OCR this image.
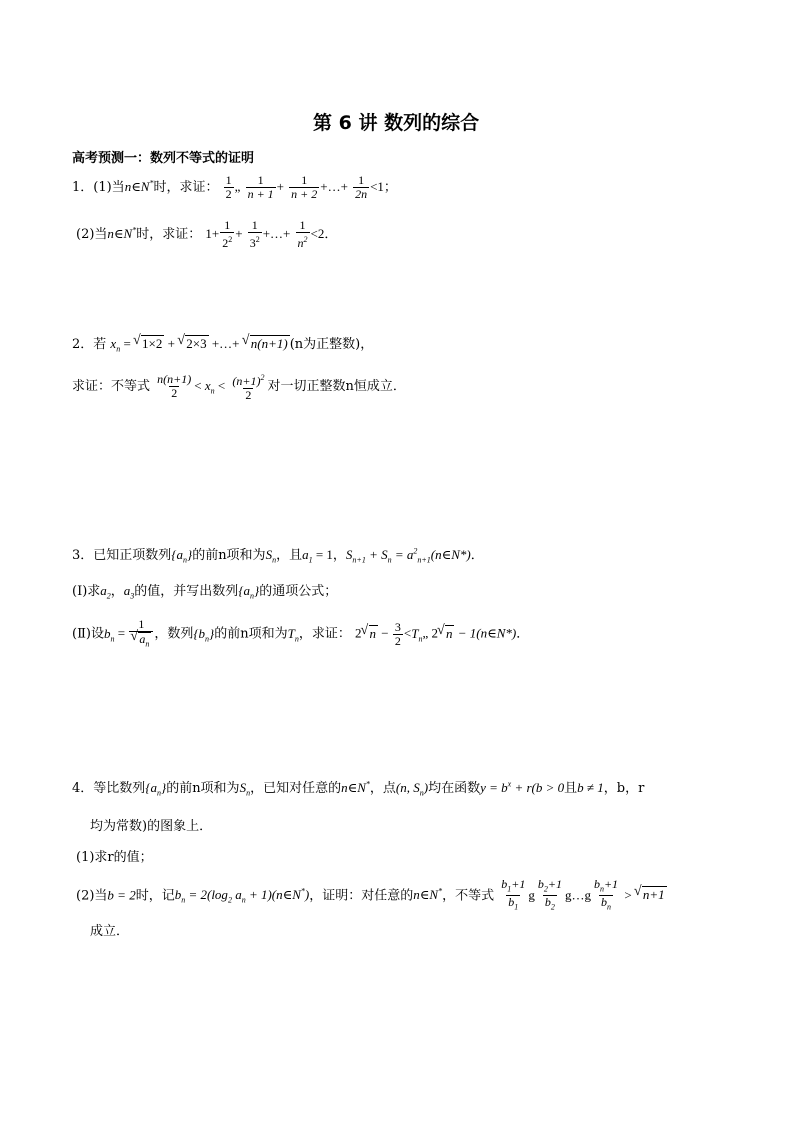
第 6 讲 数列的综合
高考预测一：数列不等式的证明
1．(1)当n∈N*时，求证： $\frac{1}{2}$ „ $\frac{1}{n + 1} + \frac{1}{n + 2}$ +…+ $\frac{1}{2n} <1$；
(2)当n∈N*时，求证： $1+ \frac{1}{2^2} + \frac{1}{3^2}$ +…+ $\frac{1}{n^2} <2$．
2．若 $x_n$ = √ 1×2 + √ 2×3 +…+ √ n(n+1) (n为正整数)，
求证：不等式 $\frac{n(n+1)}{2} < x_n < \frac{(n+1)^2}{2}$ 对一切正整数n恒成立．
3．已知正项数列$\{a_n\}$的前n项和为$S_n$，且$a_1 = 1$，$S_{n+1} + S_n$ = $a^2_{n+1}(n\in N*)$．
(Ⅰ)求$a_2$，$a_3$的值，并写出数列$\{a_n\}$的通项公式；
(Ⅱ)设$b_n = 1$
√ $a_n$ ，数列$\{b_n\}$的前n项和为$T_n$，求证： 2 √ $n - \frac{3}{2}$ $<T_n„$ 2 √ n − 1(n∈N*)．
4．等比数列$\{a_n\}$的前n项和为$S_n$，已知对任意的n∈N*，点(n, $S_n$)均在函数$y = b^x + r(b > 0$且b ≠ 1，b，r
均为常数)的图象上．
(1)求r的值；
(2)当b = 2时，记$b_n = 2(\log_2$ $a_n$ + 1)(n∈N*)，证明：对任意的n∈N*，不等式 $\frac{b_1+1}{b_1}$ g $\frac{b_2+1}{b_2}$ g…g $\frac{b_n+1}{b_n}$ > √ n+1
成立．
